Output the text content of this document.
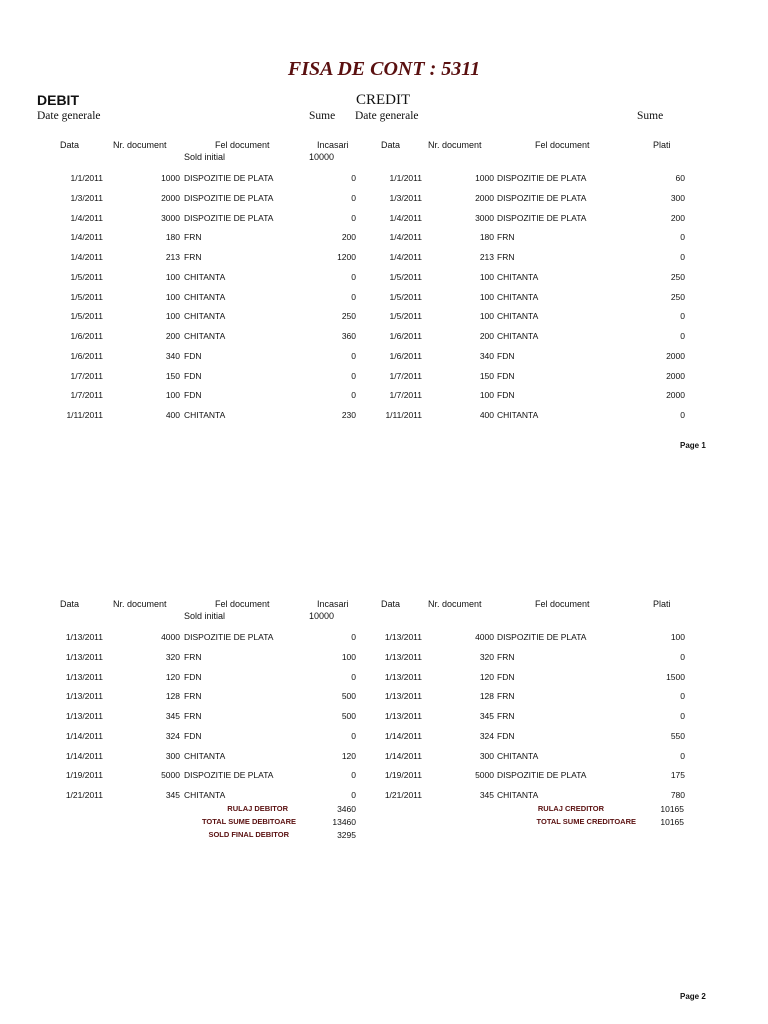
FISA DE CONT : 5311
DEBIT	CREDIT
Date generale	Sume Date generale	Sume
Data	Nr. document	Fel document	Incasari	Data	Nr. document	Fel document	Plati
Sold initial	10000
1/1/2011	1000 DISPOZITIE DE PLATA	0	1/1/2011	1000 DISPOZITIE DE PLATA	60
1/3/2011	2000 DISPOZITIE DE PLATA	0	1/3/2011	2000 DISPOZITIE DE PLATA	300
1/4/2011	3000 DISPOZITIE DE PLATA	0	1/4/2011	3000 DISPOZITIE DE PLATA	200
1/4/2011	180 FRN	200	1/4/2011	180 FRN	0
1/4/2011	213 FRN	1200	1/4/2011	213 FRN	0
1/5/2011	100 CHITANTA	0	1/5/2011	100 CHITANTA	250
1/5/2011	100 CHITANTA	0	1/5/2011	100 CHITANTA	250
1/5/2011	100 CHITANTA	250	1/5/2011	100 CHITANTA	0
1/6/2011	200 CHITANTA	360	1/6/2011	200 CHITANTA	0
1/6/2011	340 FDN	0	1/6/2011	340 FDN	2000
1/7/2011	150 FDN	0	1/7/2011	150 FDN	2000
1/7/2011	100 FDN	0	1/7/2011	100 FDN	2000
1/11/2011	400 CHITANTA	230	1/11/2011	400 CHITANTA	0
Page 1
Data	Nr. document	Fel document	Incasari	Data	Nr. document	Fel document	Plati
Sold initial	10000
1/13/2011	4000 DISPOZITIE DE PLATA	0	1/13/2011	4000 DISPOZITIE DE PLATA	100
1/13/2011	320 FRN	100	1/13/2011	320 FRN	0
1/13/2011	120 FDN	0	1/13/2011	120 FDN	1500
1/13/2011	128 FRN	500	1/13/2011	128 FRN	0
1/13/2011	345 FRN	500	1/13/2011	345 FRN	0
1/14/2011	324 FDN	0	1/14/2011	324 FDN	550
1/14/2011	300 CHITANTA	120	1/14/2011	300 CHITANTA	0
1/19/2011	5000 DISPOZITIE DE PLATA	0	1/19/2011	5000 DISPOZITIE DE PLATA	175
1/21/2011	345 CHITANTA	0	1/21/2011	345 CHITANTA	780
RULAJ DEBITOR	3460
TOTAL SUME DEBITOARE	13460
SOLD FINAL DEBITOR	3295
RULAJ CREDITOR	10165
TOTAL SUME CREDITOARE	10165
Page 2
